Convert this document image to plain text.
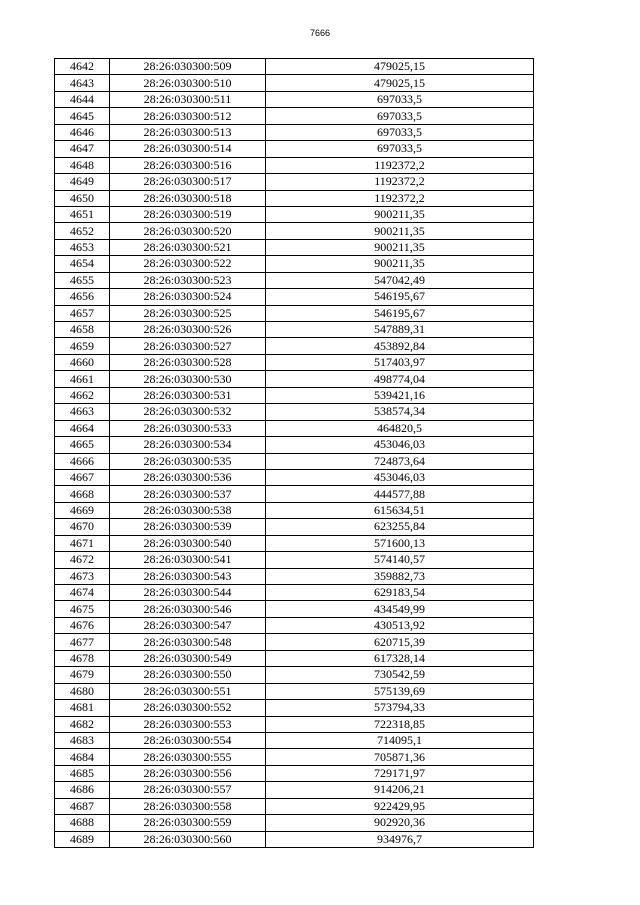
7666
4642	28:26:030300:509	479025,15
4643	28:26:030300:510	479025,15
4644	28:26:030300:511	697033,5
4645	28:26:030300:512	697033,5
4646	28:26:030300:513	697033,5
4647	28:26:030300:514	697033,5
4648	28:26:030300:516	1192372,2
4649	28:26:030300:517	1192372,2
4650	28:26:030300:518	1192372,2
4651	28:26:030300:519	900211,35
4652	28:26:030300:520	900211,35
4653	28:26:030300:521	900211,35
4654	28:26:030300:522	900211,35
4655	28:26:030300:523	547042,49
4656	28:26:030300:524	546195,67
4657	28:26:030300:525	546195,67
4658	28:26:030300:526	547889,31
4659	28:26:030300:527	453892,84
4660	28:26:030300:528	517403,97
4661	28:26:030300:530	498774,04
4662	28:26:030300:531	539421,16
4663	28:26:030300:532	538574,34
4664	28:26:030300:533	464820,5
4665	28:26:030300:534	453046,03
4666	28:26:030300:535	724873,64
4667	28:26:030300:536	453046,03
4668	28:26:030300:537	444577,88
4669	28:26:030300:538	615634,51
4670	28:26:030300:539	623255,84
4671	28:26:030300:540	571600,13
4672	28:26:030300:541	574140,57
4673	28:26:030300:543	359882,73
4674	28:26:030300:544	629183,54
4675	28:26:030300:546	434549,99
4676	28:26:030300:547	430513,92
4677	28:26:030300:548	620715,39
4678	28:26:030300:549	617328,14
4679	28:26:030300:550	730542,59
4680	28:26:030300:551	575139,69
4681	28:26:030300:552	573794,33
4682	28:26:030300:553	722318,85
4683	28:26:030300:554	714095,1
4684	28:26:030300:555	705871,36
4685	28:26:030300:556	729171,97
4686	28:26:030300:557	914206,21
4687	28:26:030300:558	922429,95
4688	28:26:030300:559	902920,36
4689	28:26:030300:560	934976,7
